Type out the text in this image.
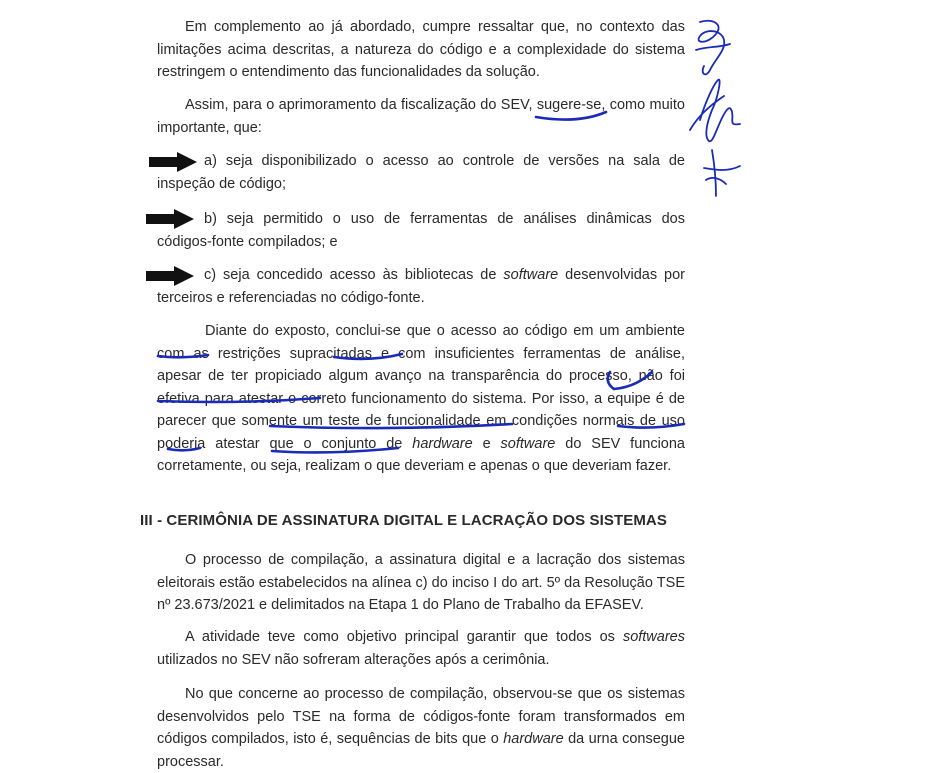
Em complemento ao já abordado, cumpre ressaltar que, no contexto das limitações acima descritas, a natureza do código e a complexidade do sistema restringem o entendimento das funcionalidades da solução.

Assim, para o aprimoramento da fiscalização do SEV, sugere-se, como muito importante, que:

a) seja disponibilizado o acesso ao controle de versões na sala de inspeção de código;

b) seja permitido o uso de ferramentas de análises dinâmicas dos códigos-fonte compilados; e

c) seja concedido acesso às bibliotecas de software desenvolvidas por terceiros e referenciadas no código-fonte.

Diante do exposto, conclui-se que o acesso ao código em um ambiente com as restrições supracitadas e com insuficientes ferramentas de análise, apesar de ter propiciado algum avanço na transparência do processo, não foi efetiva para atestar o correto funcionamento do sistema. Por isso, a equipe é de parecer que somente um teste de funcionalidade em condições normais de uso poderia atestar que o conjunto de hardware e software do SEV funciona corretamente, ou seja, realizam o que deveriam e apenas o que deveriam fazer.

III - CERIMÔNIA DE ASSINATURA DIGITAL E LACRAÇÃO DOS SISTEMAS

O processo de compilação, a assinatura digital e a lacração dos sistemas eleitorais estão estabelecidos na alínea c) do inciso I do art. 5º da Resolução TSE nº 23.673/2021 e delimitados na Etapa 1 do Plano de Trabalho da EFASEV.

A atividade teve como objetivo principal garantir que todos os softwares utilizados no SEV não sofreram alterações após a cerimônia.

No que concerne ao processo de compilação, observou-se que os sistemas desenvolvidos pelo TSE na forma de códigos-fonte foram transformados em códigos compilados, isto é, sequências de bits que o hardware da urna consegue processar.
